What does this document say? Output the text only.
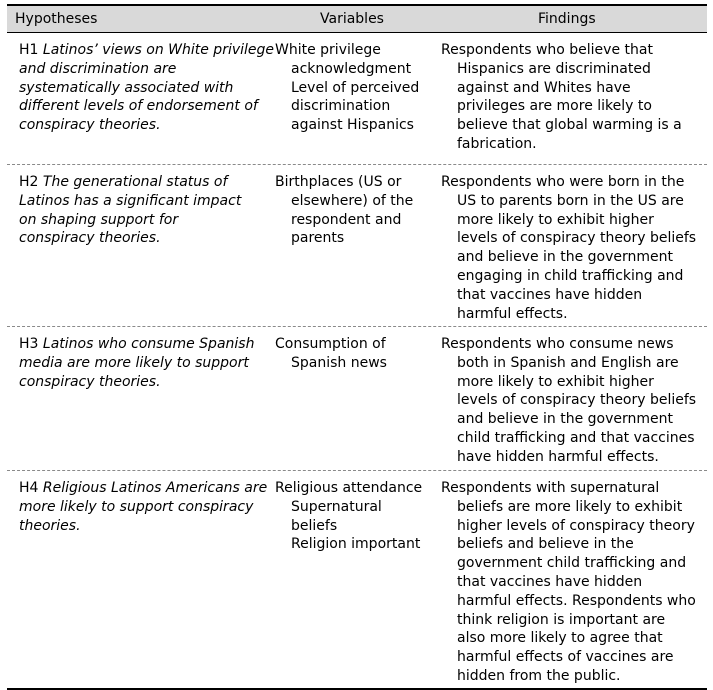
Hypotheses	Variables	Findings
H1 Latinos’ views on White privilege
and discrimination are
systematically associated with
different levels of endorsement of
conspiracy theories.
White privilege
acknowledgment
Level of perceived
discrimination
against Hispanics
Respondents who believe that
Hispanics are discriminated
against and Whites have
privileges are more likely to
believe that global warming is a
fabrication.
H2 The generational status of
Latinos has a significant impact
on shaping support for
conspiracy theories.
Birthplaces (US or
elsewhere) of the
respondent and
parents
Respondents who were born in the
US to parents born in the US are
more likely to exhibit higher
levels of conspiracy theory beliefs
and believe in the government
engaging in child trafficking and
that vaccines have hidden
harmful effects.
H3 Latinos who consume Spanish
media are more likely to support
conspiracy theories.
Consumption of
Spanish news
Respondents who consume news
both in Spanish and English are
more likely to exhibit higher
levels of conspiracy theory beliefs
and believe in the government
child trafficking and that vaccines
have hidden harmful effects.
H4 Religious Latinos Americans are
more likely to support conspiracy
theories.
Religious attendance
Supernatural
beliefs
Religion important
Respondents with supernatural
beliefs are more likely to exhibit
higher levels of conspiracy theory
beliefs and believe in the
government child trafficking and
that vaccines have hidden
harmful effects. Respondents who
think religion is important are
also more likely to agree that
harmful effects of vaccines are
hidden from the public.
